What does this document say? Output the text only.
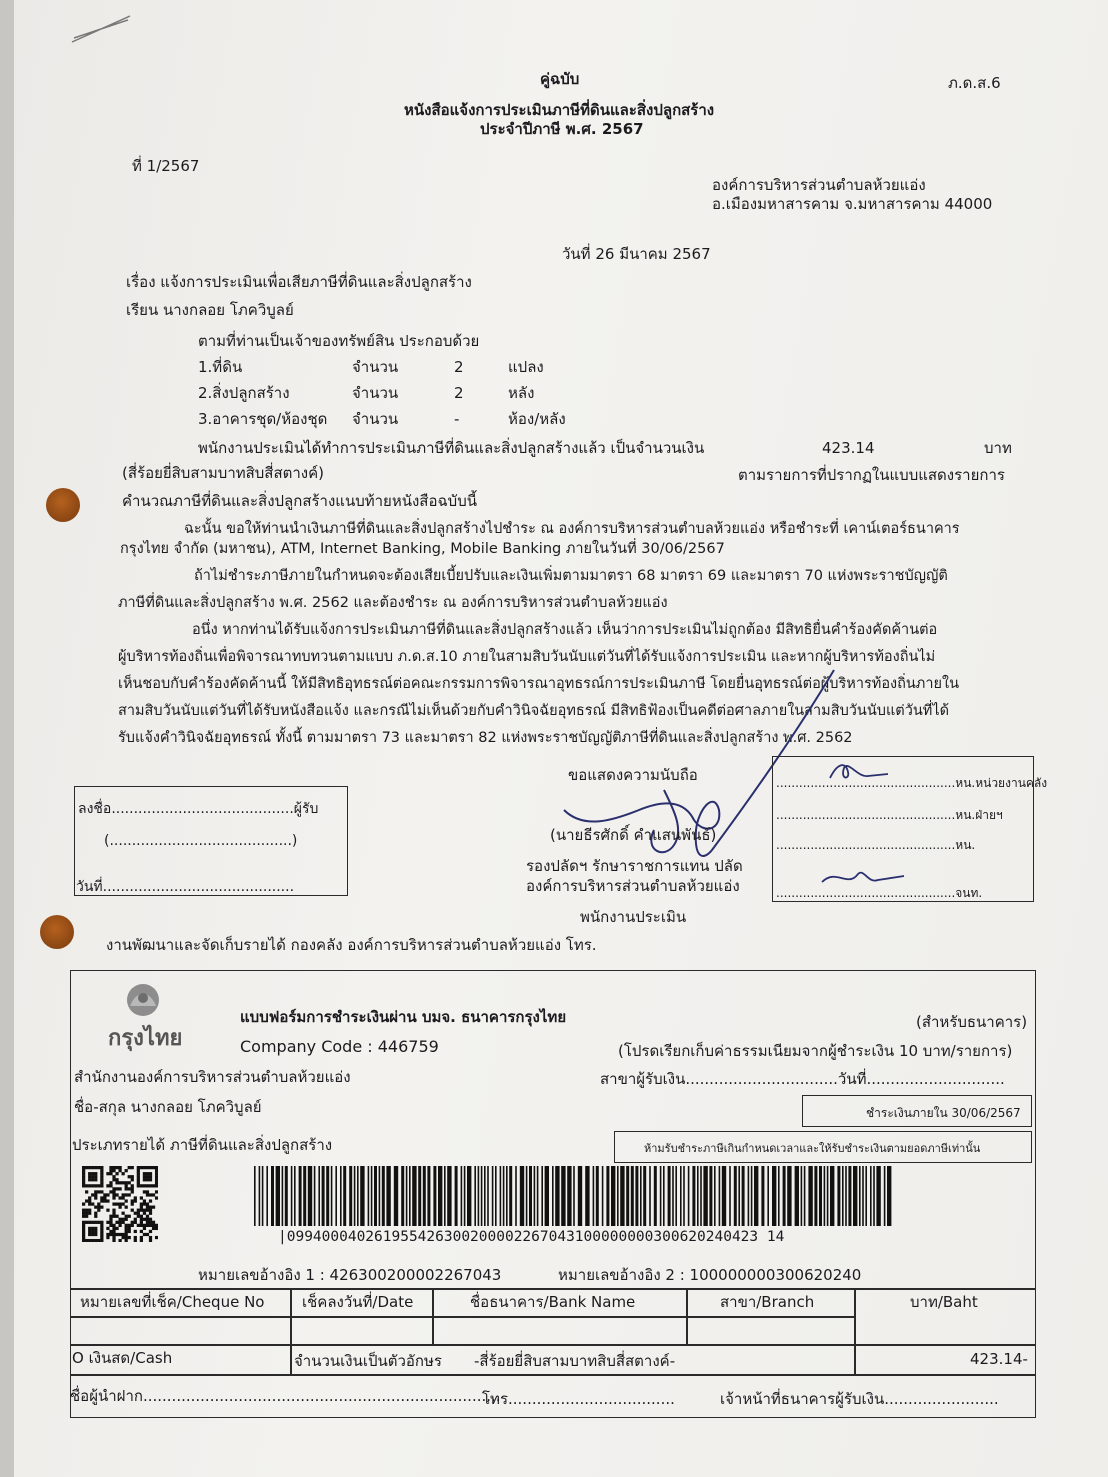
คู่ฉบับ	ภ.ด.ส.6
หนังสือแจ้งการประเมินภาษีที่ดินและสิ่งปลูกสร้าง
ประจำปีภาษี พ.ศ. 2567
ที่ 1/2567
องค์การบริหารส่วนตำบลห้วยแอ่ง
อ.เมืองมหาสารคาม จ.มหาสารคาม 44000
วันที่ 26 มีนาคม 2567
เรื่อง แจ้งการประเมินเพื่อเสียภาษีที่ดินและสิ่งปลูกสร้าง
เรียน นางกลอย โภควิบูลย์
ตามที่ท่านเป็นเจ้าของทรัพย์สิน ประกอบด้วย
1.ที่ดิน	จำนวน	2	แปลง
2.สิ่งปลูกสร้าง	จำนวน	2	หลัง
3.อาคารชุด/ห้องชุด จำนวน	-	ห้อง/หลัง
พนักงานประเมินได้ทำการประเมินภาษีที่ดินและสิ่งปลูกสร้างแล้ว เป็นจำนวนเงิน	423.14	บาท
(สี่ร้อยยี่สิบสามบาทสิบสี่สตางค์)	ตามรายการที่ปรากฏในแบบแสดงรายการ
คำนวณภาษีที่ดินและสิ่งปลูกสร้างแนบท้ายหนังสือฉบับนี้
ฉะนั้น ขอให้ท่านนำเงินภาษีที่ดินและสิ่งปลูกสร้างไปชำระ ณ องค์การบริหารส่วนตำบลห้วยแอ่ง หรือชำระที่ เคาน์เตอร์ธนาคาร
กรุงไทย จำกัด (มหาชน), ATM, Internet Banking, Mobile Banking ภายในวันที่ 30/06/2567
ถ้าไม่ชำระภาษีภายในกำหนดจะต้องเสียเบี้ยปรับและเงินเพิ่มตามมาตรา 68 มาตรา 69 และมาตรา 70 แห่งพระราชบัญญัติ
ภาษีที่ดินและสิ่งปลูกสร้าง พ.ศ. 2562 และต้องชำระ ณ องค์การบริหารส่วนตำบลห้วยแอ่ง
อนึ่ง หากท่านได้รับแจ้งการประเมินภาษีที่ดินและสิ่งปลูกสร้างแล้ว เห็นว่าการประเมินไม่ถูกต้อง มีสิทธิยื่นคำร้องคัดค้านต่อ
ผู้บริหารท้องถิ่นเพื่อพิจารณาทบทวนตามแบบ ภ.ด.ส.10 ภายในสามสิบวันนับแต่วันที่ได้รับแจ้งการประเมิน และหากผู้บริหารท้องถิ่นไม่
เห็นชอบกับคำร้องคัดค้านนี้ ให้มีสิทธิอุทธรณ์ต่อคณะกรรมการพิจารณาอุทธรณ์การประเมินภาษี โดยยื่นอุทธรณ์ต่อผู้บริหารท้องถิ่นภายใน
สามสิบวันนับแต่วันที่ได้รับหนังสือแจ้ง และกรณีไม่เห็นด้วยกับคำวินิจฉัยอุทธรณ์ มีสิทธิฟ้องเป็นคดีต่อศาลภายในสามสิบวันนับแต่วันที่ได้
รับแจ้งคำวินิจฉัยอุทธรณ์ ทั้งนี้ ตามมาตรา 73 และมาตรา 82 แห่งพระราชบัญญัติภาษีที่ดินและสิ่งปลูกสร้าง พ.ศ. 2562
ลงชื่อ.........................................ผู้รับ
(.........................................)
วันที่...........................................
ขอแสดงความนับถือ
(นายธีรศักดิ์ คำแสนพันธ์)
รองปลัดฯ รักษาราชการแทน ปลัด
องค์การบริหารส่วนตำบลห้วยแอ่ง
พนักงานประเมิน
...............................................หน.หน่วยงานคลัง
...............................................หน.ฝ่ายฯ
...............................................หน.
...............................................จนท.
งานพัฒนาและจัดเก็บรายได้ กองคลัง องค์การบริหารส่วนตำบลห้วยแอ่ง โทร.
กรุงไทย
แบบฟอร์มการชำระเงินผ่าน บมจ. ธนาคารกรุงไทย	(สำหรับธนาคาร)
Company Code : 446759	(โปรดเรียกเก็บค่าธรรมเนียมจากผู้ชำระเงิน 10 บาท/รายการ)
สำนักงานองค์การบริหารส่วนตำบลห้วยแอ่ง	สาขาผู้รับเงิน................................วันที่.............................
ชื่อ-สกุล นางกลอย โภควิบูลย์	ชำระเงินภายใน 30/06/2567
ประเภทรายได้ ภาษีที่ดินและสิ่งปลูกสร้าง	ห้ามรับชำระภาษีเกินกำหนดเวลาและให้รับชำระเงินตามยอดภาษีเท่านั้น
|099400040261955426300200002267043100000000300620240423 14
หมายเลขอ้างอิง 1 : 426300200002267043	หมายเลขอ้างอิง 2 : 100000000300620240
หมายเลขที่เช็ค/Cheque No	เช็คลงวันที่/Date	ชื่อธนาคาร/Bank Name	สาขา/Branch	บาท/Baht
O เงินสด/Cash	จำนวนเงินเป็นตัวอักษร -สี่ร้อยยี่สิบสามบาทสิบสี่สตางค์-	423.14-
ชื่อผู้นำฝาก...........................................................................
โทร...................................	เจ้าหน้าที่ธนาคารผู้รับเงิน........................
